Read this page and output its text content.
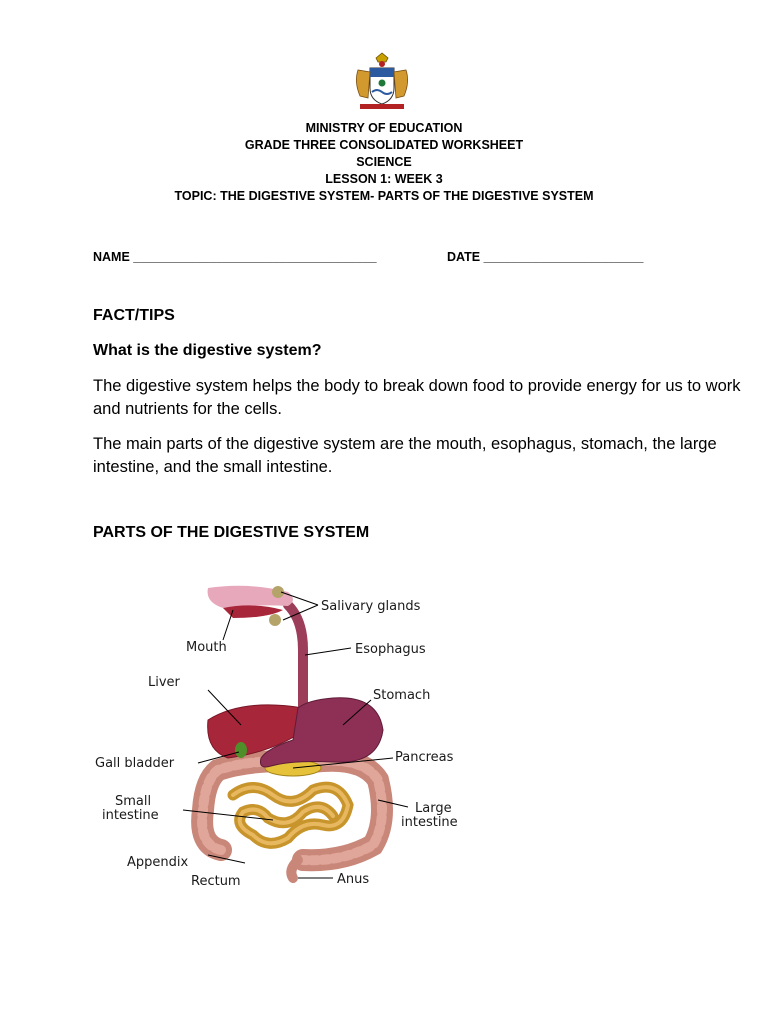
MINISTRY OF EDUCATION
GRADE THREE CONSOLIDATED WORKSHEET
SCIENCE
LESSON 1: WEEK 3
TOPIC: THE DIGESTIVE SYSTEM- PARTS OF THE DIGESTIVE SYSTEM
NAME ___________________________________	DATE _______________________
FACT/TIPS
What is the digestive system?
The digestive system helps the body to break down food to provide energy for us to work and nutrients for the cells.
The main parts of the digestive system are the mouth, esophagus, stomach, the large intestine, and the small intestine.
PARTS OF THE DIGESTIVE SYSTEM
Salivary glands
Mouth	Esophagus
Liver
Stomach
Gall bladder	Pancreas
Small
intestine	Large
intestine
Appendix
Rectum	Anus
